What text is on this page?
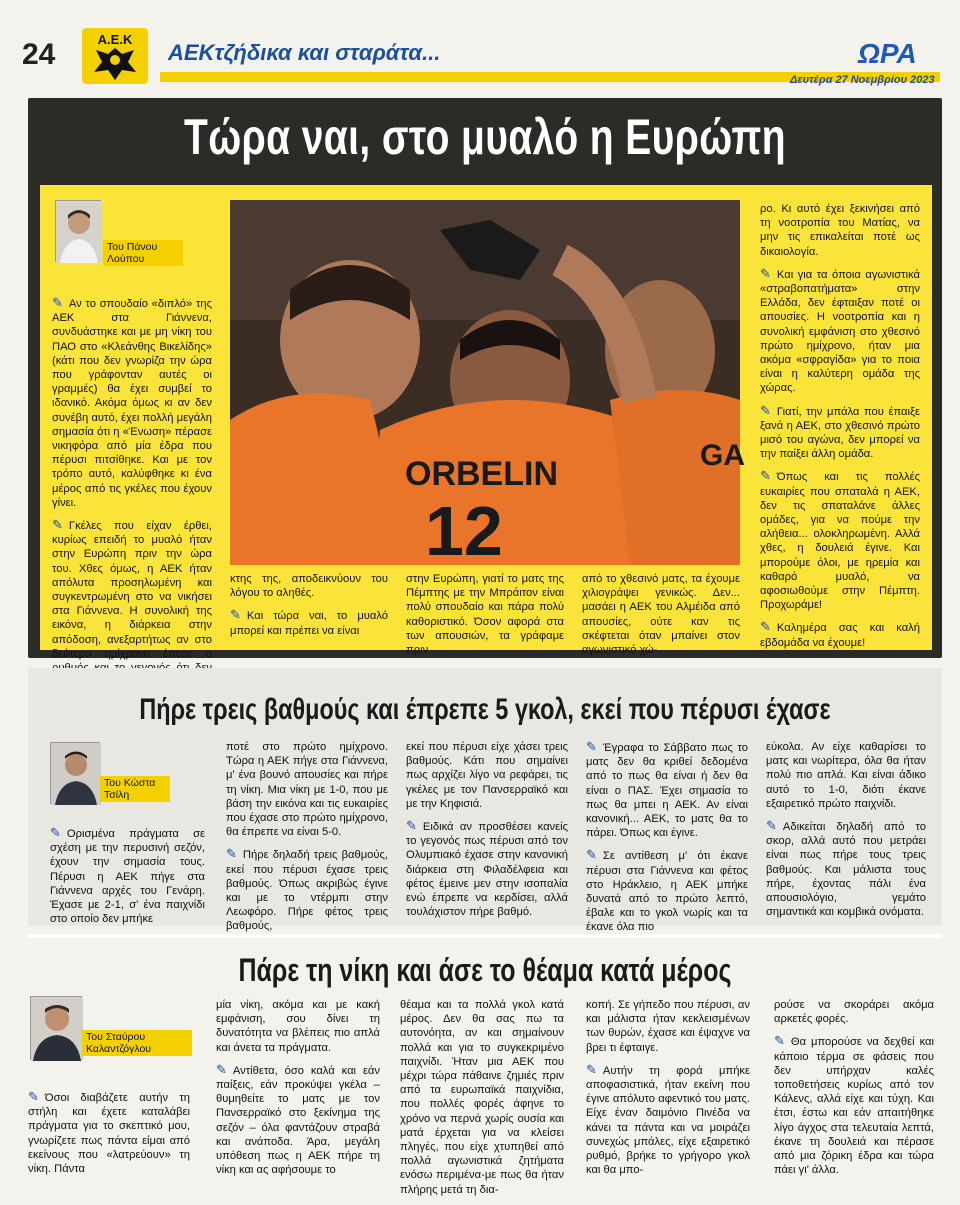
24	Α.Ε.Κ
ΑΕΚτζήδικα και σταράτα...	ΩΡΑ
Δευτέρα 27 Νοεμβρίου 2023
Τώρα ναι, στο μυαλό η Ευρώπη
Του Πάνου Λούπου

✎ Αν το σπουδαίο «διπλό» της ΑΕΚ στα Γιάννενα, συνδυάστηκε και με μη νίκη του ΠΑΟ στο «Κλεάνθης Βικελίδης» (κάτι που δεν γνωρίζα την ώρα που γράφονταν αυτές οι γραμμές) θα έχει συμβεί το ιδανικό. Ακόμα όμως κι αν δεν συνέβη αυτό, έχει πολλή μεγάλη σημασία ότι η «Ένωση» πέρασε νικηφόρα από μία έδρα που πέρυσι πιτσίθηκε. Και με τον τρόπο αυτό, καλύφθηκε κι ένα μέρος από τις γκέλες που έχουν γίνει.

✎ Γκέλες που είχαν έρθει, κυρίως επειδή το μυαλό ήταν στην Ευρώπη πριν την ώρα του. Χθες όμως, η ΑΕΚ ήταν απόλυτα προσηλωμένη και συγκεντρωμένη στο να νικήσει στα Γιάννενα. Η συνολική της εικόνα, η διάρκεια στην απόδοση, ανεξαρτήτως αν στο δεύτερο ημίχρονο έπεσε ο

ORBELIN
12
GA

κτης της, αποδεικνύουν του λόγου το αληθές.

✎ Και τώρα ναι, το μυαλό μπορεί και πρέπει να είναι

στην Ευρώπη, γιατί το ματς της Πέμπτης με την Μπράιτον είναι πολύ σπουδαίο και πάρα πολύ καθοριστικό. Όσον αφορά στα των απουσιών, τα γράφαμε πριν

από το χθεσινό ματς, τα έχουμε χιλιογράψει γενικώς. Δεν... μασάει η ΑΕΚ του Αλμέιδα από απουσίες, ούτε καν τις σκέφτεται όταν μπαίνει στον αγωνιστικό χώ-

ρο. Κι αυτό έχει ξεκινήσει από τη νοοτροπία του Ματίας, να μην τις επικαλείται ποτέ ως δικαιολογία.

✎ Και για τα όποια αγωνιστικά «στραβοπατήματα» στην Ελλάδα, δεν έφταιξαν ποτέ οι απουσίες. Η νοοτροπία και η συνολική εμφάνιση στο χθεσινό πρώτο ημίχρονο, ήταν μια ακόμα «σφραγίδα» για το ποια είναι η καλύτερη ομάδα της χώρας.

✎ Γιατί, την μπάλα που έπαιξε ξανά η ΑΕΚ, στο χθεσινό πρώτο μισό του αγώνα, δεν μπορεί να την παίξει άλλη ομάδα.

✎ Όπως και τις πολλές ευκαιρίες που σπαταλά η ΑΕΚ, δεν τις σπαταλάνε άλλες ομάδες, για να πούμε την αλήθεια... ολοκληρωμένη. Αλλά χθες, η δουλειά έγινε. Και μπορούμε όλοι, με ηρεμία και καθαρό μυαλό, να αφοσιωθούμε στην Πέμπτη. Προχωράμε!

✎ Καλημέρα σας και καλή εβδομάδα να έχουμε!

Πήρε τρεις βαθμούς και έπρεπε 5 γκολ, εκεί που πέρυσι έχασε
Του Κώστα Τσίλη

✎ Ορισμένα πράγματα σε σχέση με την περυσινή σεζόν, έχουν την σημασία τους. Πέρυσι η ΑΕΚ πήγε στα Γιάννενα αρχές του Γενάρη. Έχασε με 2-1, σ' ένα παιχνίδι στο οποίο δεν μπήκε

ποτέ στο πρώτο ημίχρονο. Τώρα η ΑΕΚ πήγε στα Γιάννενα, μ' ένα βουνό απουσίες και πήρε τη νίκη. Μια νίκη με 1-0, που με βάση την εικόνα και τις ευκαιρίες που έχασε στο πρώτο ημίχρονο, θα έπρεπε να είναι 5-0.

✎ Πήρε δηλαδή τρεις βαθμούς, εκεί που πέρυσι έχασε τρεις βαθμούς. Όπως ακριβώς έγινε και με το ντέρμπι στην Λεωφόρο. Πήρε φέτος τρεις βαθμούς,

εκεί που πέρυσι είχε χάσει τρεις βαθμούς. Κάτι που σημαίνει πως αρχίζει λίγο να ρεφάρει, τις γκέλες με τον Πανσερραϊκό και με την Κηφισιά.

✎ Ειδικά αν προσθέσει κανείς το γεγονός πως πέρυσι από τον Ολυμπιακό έχασε στην κανονική διάρκεια στη Φιλαδέλφεια και φέτος έμεινε μεν στην ισοπαλία ενώ έπρεπε να κερδίσει, αλλά τουλάχιστον πήρε βαθμό.

✎ Έγραφα το Σάββατο πως το ματς δεν θα κριθεί δεδομένα από το πως θα είναι ή δεν θα είναι ο ΠΑΣ. Έχει σημασία το πως θα μπει η ΑΕΚ. Αν είναι κανονική... ΑΕΚ, το ματς θα το πάρει. Όπως και έγινε.

✎ Σε αντίθεση μ' ότι έκανε πέρυσι στα Γιάννενα και φέτος στο Ηράκλειο, η ΑΕΚ μπήκε δυνατά από το πρώτο λεπτό, έβαλε και το γκολ νωρίς και τα έκανε όλα πιο

εύκολα. Αν είχε καθαρίσει το ματς και νωρίτερα, όλα θα ήταν πολύ πιο απλά. Και είναι άδικο αυτό το 1-0, διότι έκανε εξαιρετικό πρώτο παιχνίδι.

✎ Αδικείται δηλαδή από το σκορ, αλλά αυτό που μετράει είναι πως πήρε τους τρεις βαθμούς. Και μάλιστα τους πήρε, έχοντας πάλι ένα απουσιολόγιο, γεμάτο σημαντικά και κομβικά ονόματα.

Πάρε τη νίκη και άσε το θέαμα κατά μέρος
Του Σταύρου Καλαντζόγλου

✎ Όσοι διαβάζετε αυτήν τη στήλη και έχετε καταλάβει πράγματα για το σκεπτικό μου, γνωρίζετε πως πάντα είμαι από εκείνους που «λατρεύουν» τη νίκη. Πάντα

μία νίκη, ακόμα και με κακή εμφάνιση, σου δίνει τη δυνατότητα να βλέπεις πιο απλά και άνετα τα πράγματα.

✎ Αντίθετα, όσο καλά και εάν παίξεις, εάν προκύψει γκέλα – θυμηθείτε το ματς με τον Πανσερραϊκό στο ξεκίνημα της σεζόν – όλα φαντάζουν στραβά και ανάποδα. Άρα, μεγάλη υπόθεση πως η ΑΕΚ πήρε τη νίκη και ας αφήσουμε το

θέαμα και τα πολλά γκολ κατά μέρος. Δεν θα σας πω τα αυτονόητα, αν και σημαίνουν πολλά και για το συγκεκριμένο παιχνίδι. Ήταν μια ΑΕΚ που μέχρι τώρα πάθαινε ζημιές πριν από τα ευρωπαϊκά παιχνίδια, που πολλές φορές άφηνε το χρόνο να περνά χωρίς ουσία και ματά έρχεται για να κλείσει πληγές, που είχε χτυπηθεί από πολλά αγωνιστικά ζητήματα ενόσω περιμένα-με πως θα ήταν πλήρης μετά τη δια-

κοπή. Σε γήπεδο που πέρυσι, αν και μάλιστα ήταν κεκλεισμένων των θυρών, έχασε και έψαχνε να βρει τι έφταιγε.

✎ Αυτήν τη φορά μπήκε αποφασιστικά, ήταν εκείνη που έγινε απόλυτο αφεντικό του ματς. Είχε έναν δαιμόνιο Πινέδα να κάνει τα πάντα και να μοιράζει συνεχώς μπάλες, είχε εξαιρετικό ρυθμό, βρήκε το γρήγορο γκολ και θα μπο-

ρούσε να σκοράρει ακόμα αρκετές φορές.

✎ Θα μπορούσε να δεχθεί και κάποιο τέρμα σε φάσεις που δεν υπήρχαν καλές τοποθετήσεις κυρίως από τον Κάλενς, αλλά είχε και τύχη. Και έτσι, έστω και εάν απαιτήθηκε λίγο άγχος στα τελευταία λεπτά, έκανε τη δουλειά και πέρασε από μια ζόρικη έδρα και τώρα πάει γι' άλλα.
